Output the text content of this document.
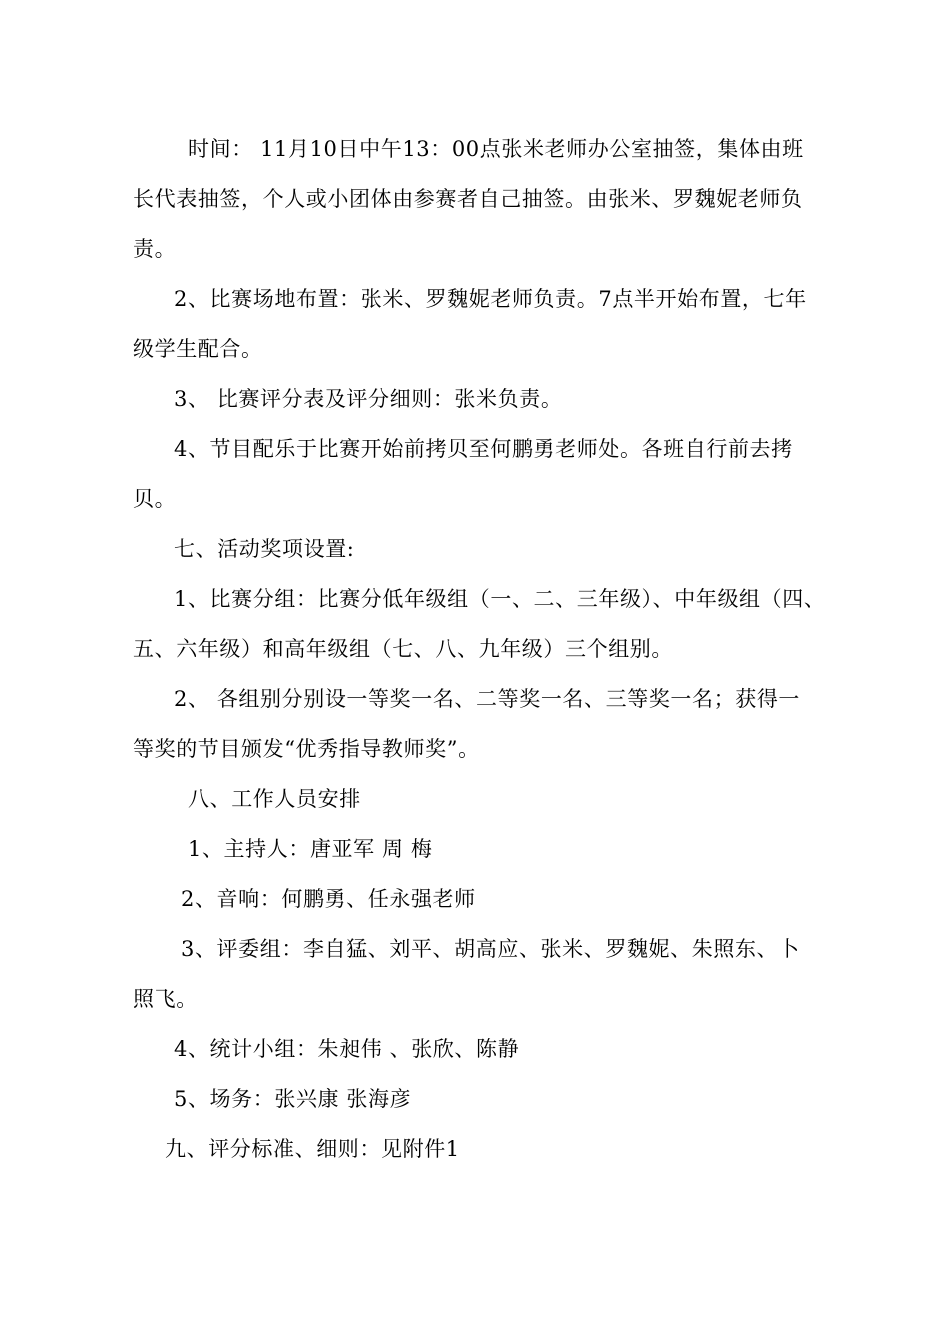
时间： 11月10日中午13：00点张米老师办公室抽签，集体由班
长代表抽签，个人或小团体由参赛者自己抽签。由张米、罗魏妮老师负
责。
2、比赛场地布置：张米、罗魏妮老师负责。7点半开始布置，七年
级学生配合。
3、 比赛评分表及评分细则：张米负责。
4、节目配乐于比赛开始前拷贝至何鹏勇老师处。各班自行前去拷
贝。
七、活动奖项设置:
1、比赛分组：比赛分低年级组（一、二、三年级）、中年级组（四、
五、六年级）和高年级组（七、八、九年级）三个组别。
2、 各组别分别设一等奖一名、二等奖一名、三等奖一名；获得一
等奖的节目颁发“优秀指导教师奖”。
八、工作人员安排
1、主持人：唐亚军 周 梅
2、音响：何鹏勇、任永强老师
3、评委组：李自猛、刘平、胡高应、张米、罗魏妮、朱照东、卜
照飞。
4、统计小组：朱昶伟 、张欣、陈静
5、场务：张兴康 张海彦
九、评分标准、细则：见附件1
